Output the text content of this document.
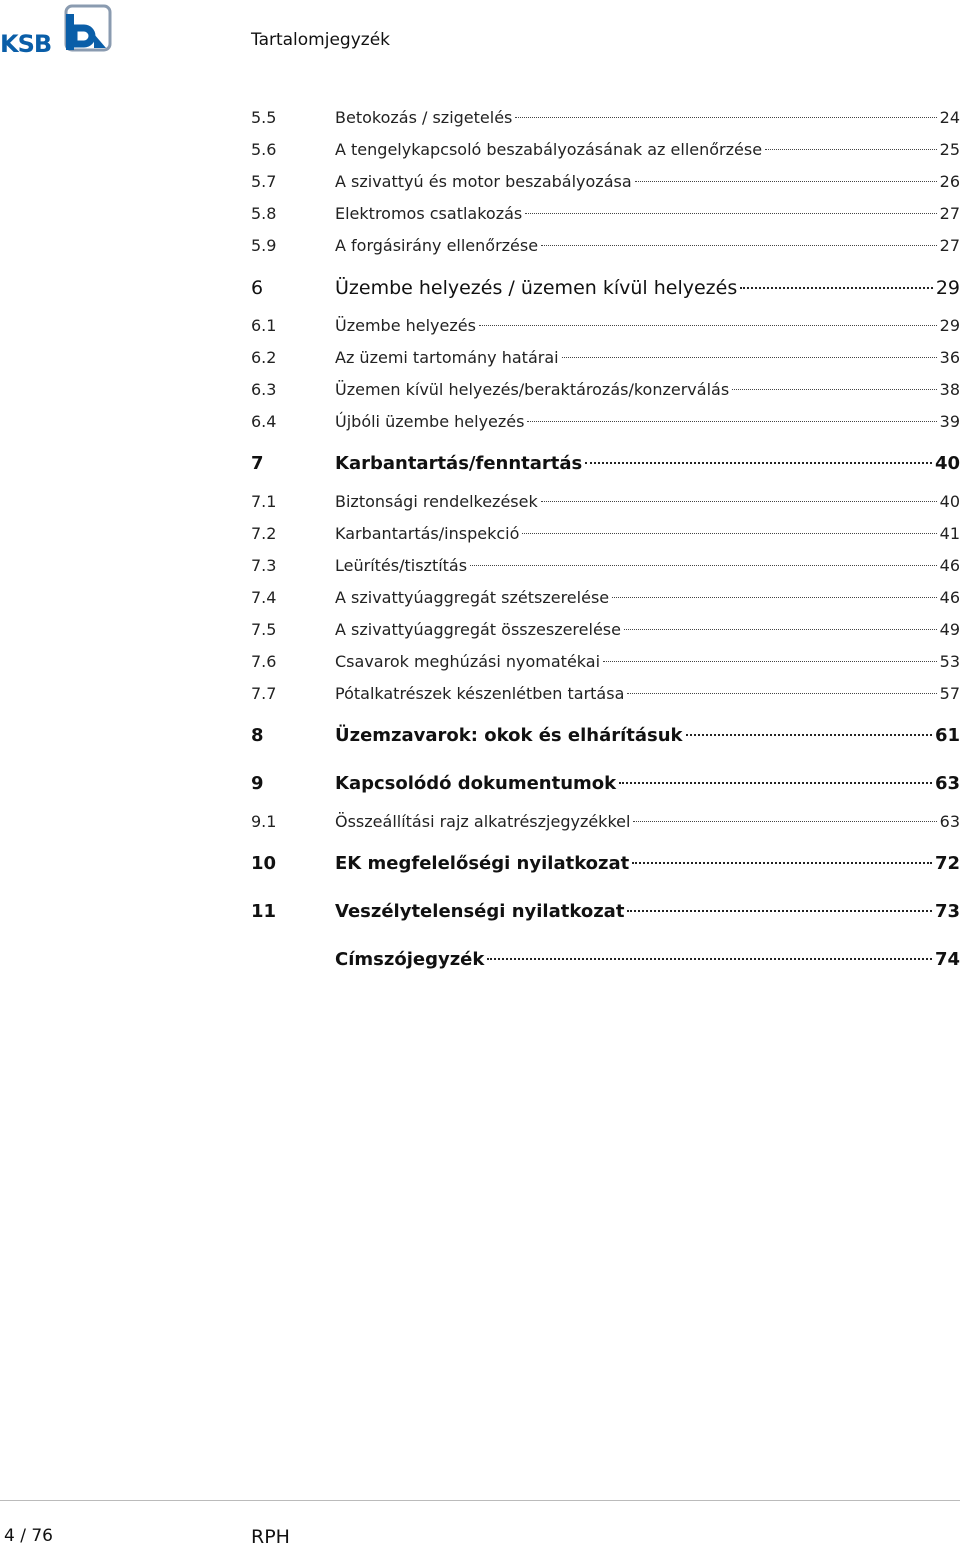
KSB	Tartalomjegyzék
5.5	Betokozás / szigetelés	24
5.6	A tengelykapcsoló beszabályozásának az ellenőrzése	25
5.7	A szivattyú és motor beszabályozása	26
5.8	Elektromos csatlakozás	27
5.9	A forgásirány ellenőrzése	27
6	Üzembe helyezés / üzemen kívül helyezés	29
6.1	Üzembe helyezés	29
6.2	Az üzemi tartomány határai	36
6.3	Üzemen kívül helyezés/beraktározás/konzerválás	38
6.4	Újbóli üzembe helyezés	39
7	Karbantartás/fenntartás	40
7.1	Biztonsági rendelkezések	40
7.2	Karbantartás/inspekció	41
7.3	Leürítés/tisztítás	46
7.4	A szivattyúaggregát szétszerelése	46
7.5	A szivattyúaggregát összeszerelése	49
7.6	Csavarok meghúzási nyomatékai	53
7.7	Pótalkatrészek készenlétben tartása	57
8	Üzemzavarok: okok és elhárításuk	61
9	Kapcsolódó dokumentumok	63
9.1	Összeállítási rajz alkatrészjegyzékkel	63
10	EK megfelelőségi nyilatkozat	72
11	Veszélytelenségi nyilatkozat	73
Címszójegyzék	74
4 / 76	RPH
